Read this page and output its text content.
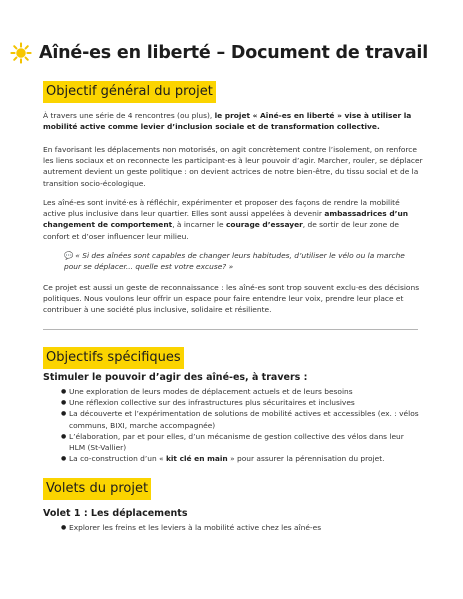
Aîné-es en liberté – Document de travail
Objectif général du projet

À travers une série de 4 rencontres (ou plus), le projet « Aîné-es en liberté » vise à utiliser la mobilité active comme levier d’inclusion sociale et de transformation collective.

En favorisant les déplacements non motorisés, on agit concrètement contre l’isolement, on renforce les liens sociaux et on reconnecte les participant·es à leur pouvoir d’agir. Marcher, rouler, se déplacer autrement devient un geste politique : on devient actrices de notre bien-être, du tissu social et de la transition socio-écologique.

Les aîné-es sont invité·es à réfléchir, expérimenter et proposer des façons de rendre la mobilité active plus inclusive dans leur quartier. Elles sont aussi appelées à devenir ambassadrices d’un changement de comportement, à incarner le courage d’essayer, de sortir de leur zone de confort et d’oser influencer leur milieu.

💬 « Si des aînées sont capables de changer leurs habitudes, d’utiliser le vélo ou la marche pour se déplacer... quelle est votre excuse? »

Ce projet est aussi un geste de reconnaissance : les aîné-es sont trop souvent exclu·es des décisions politiques. Nous voulons leur offrir un espace pour faire entendre leur voix, prendre leur place et contribuer à une société plus inclusive, solidaire et résiliente.

Objectifs spécifiques

Stimuler le pouvoir d’agir des aîné-es, à travers :

● Une exploration de leurs modes de déplacement actuels et de leurs besoins
● Une réflexion collective sur des infrastructures plus sécuritaires et inclusives
● La découverte et l’expérimentation de solutions de mobilité actives et accessibles (ex. : vélos communs, BIXI, marche accompagnée)
● L’élaboration, par et pour elles, d’un mécanisme de gestion collective des vélos dans leur HLM (St-Vallier)
● La co-construction d’un « kit clé en main » pour assurer la pérennisation du projet.
Volets du projet

Volet 1 : Les déplacements

● Explorer les freins et les leviers à la mobilité active chez les aîné-es
